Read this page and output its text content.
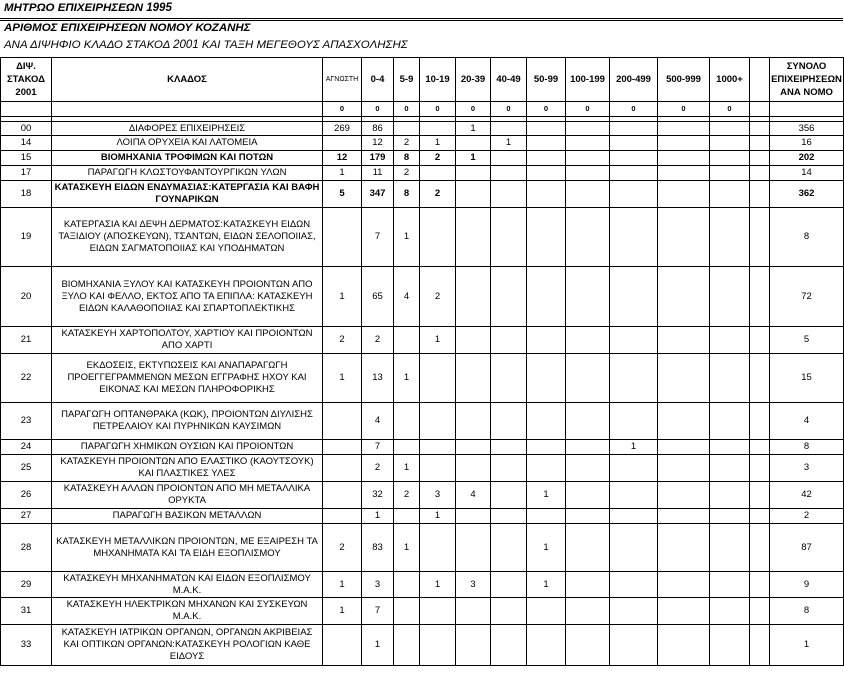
ΜΗΤΡΩΟ ΕΠΙΧΕΙΡΗΣΕΩΝ 1995
ΑΡΙΘΜΟΣ ΕΠΙΧΕΙΡΗΣΕΩΝ ΝΟΜΟΥ ΚΟΖΑΝΗΣ
ΑΝΑ ΔΙΨΗΦΙΟ ΚΛΑΔΟ ΣΤΑΚΟΔ 2001 ΚΑΙ ΤΑΞΗ ΜΕΓΕΘΟΥΣ ΑΠΑΣΧΟΛΗΣΗΣ
ΔΙΨ. ΣΤΑΚΟΔ 2001	ΚΛΑΔΟΣ	ΑΓΝΩΣΤΗ	0-4	5-9	10-19	20-39	40-49	50-99	100-199	200-499	500-999	1000+		ΣΥΝΟΛΟ ΕΠΙΧΕΙΡΗΣΕΩΝ ΑΝΑ ΝΟΜΟ
		0	0	0	0	0	0	0	0	0	0	0		

00	ΔΙΑΦΟΡΕΣ ΕΠΙΧΕΙΡΗΣΕΙΣ	269	86			1								356
14	ΛΟΙΠΑ ΟΡΥΧΕΙΑ ΚΑΙ ΛΑΤΟΜΕΙΑ		12	2	1		1							16
15	ΒΙΟΜΗΧΑΝΙΑ ΤΡΟΦΙΜΩΝ ΚΑΙ ΠΟΤΩΝ	12	179	8	2	1								202
17	ΠΑΡΑΓΩΓΗ ΚΛΩΣΤΟΥΦΑΝΤΟΥΡΓΙΚΩΝ ΥΛΩΝ	1	11	2										14
18	ΚΑΤΑΣΚΕΥΗ ΕΙΔΩΝ ΕΝΔΥΜΑΣΙΑΣ:ΚΑΤΕΡΓΑΣΙΑ ΚΑΙ ΒΑΦΗ ΓΟΥΝΑΡΙΚΩΝ	5	347	8	2									362
19	ΚΑΤΕΡΓΑΣΙΑ ΚΑΙ ΔΕΨΗ ΔΕΡΜΑΤΟΣ:ΚΑΤΑΣΚΕΥΗ ΕΙΔΩΝ ΤΑΞΙΔΙΟΥ (ΑΠΟΣΚΕΥΩΝ), ΤΣΑΝΤΩΝ, ΕΙΔΩΝ ΣΕΛΟΠΟΙΙΑΣ, ΕΙΔΩΝ ΣΑΓΜΑΤΟΠΟΙΙΑΣ ΚΑΙ ΥΠΟΔΗΜΑΤΩΝ		7	1										8
20	ΒΙΟΜΗΧΑΝΙΑ ΞΥΛΟΥ ΚΑΙ ΚΑΤΑΣΚΕΥΗ ΠΡΟΙΟΝΤΩΝ ΑΠΟ ΞΥΛΟ ΚΑΙ ΦΕΛΛΟ, ΕΚΤΟΣ ΑΠΟ ΤΑ ΕΠΙΠΛΑ: ΚΑΤΑΣΚΕΥΗ ΕΙΔΩΝ ΚΑΛΑΘΟΠΟΙΙΑΣ ΚΑΙ ΣΠΑΡΤΟΠΛΕΚΤΙΚΗΣ	1	65	4	2									72
21	ΚΑΤΑΣΚΕΥΗ ΧΑΡΤΟΠΟΛΤΟΥ, ΧΑΡΤΙΟΥ ΚΑΙ ΠΡΟΙΟΝΤΩΝ ΑΠΟ ΧΑΡΤΙ	2	2		1									5
22	ΕΚΔΟΣΕΙΣ, ΕΚΤΥΠΩΣΕΙΣ ΚΑΙ ΑΝΑΠΑΡΑΓΩΓΗ ΠΡΟΕΓΓΕΓΡΑΜΜΕΝΩΝ ΜΕΣΩΝ ΕΓΓΡΑΦΗΣ ΗΧΟΥ ΚΑΙ ΕΙΚΟΝΑΣ ΚΑΙ ΜΕΣΩΝ ΠΛΗΡΟΦΟΡΙΚΗΣ	1	13	1										15
23	ΠΑΡΑΓΩΓΗ ΟΠΤΑΝΘΡΑΚΑ (ΚΩΚ), ΠΡΟΙΟΝΤΩΝ ΔΙΥΛΙΣΗΣ ΠΕΤΡΕΛΑΙΟΥ ΚΑΙ ΠΥΡΗΝΙΚΩΝ ΚΑΥΣΙΜΩΝ		4											4
24	ΠΑΡΑΓΩΓΗ ΧΗΜΙΚΩΝ ΟΥΣΙΩΝ ΚΑΙ ΠΡΟΙΟΝΤΩΝ		7							1				8
25	ΚΑΤΑΣΚΕΥΗ ΠΡΟΙΟΝΤΩΝ ΑΠΟ ΕΛΑΣΤΙΚΟ (ΚΑΟΥΤΣΟΥΚ) ΚΑΙ ΠΛΑΣΤΙΚΕΣ ΥΛΕΣ		2	1										3
26	ΚΑΤΑΣΚΕΥΗ ΑΛΛΩΝ ΠΡΟΙΟΝΤΩΝ ΑΠΟ ΜΗ ΜΕΤΑΛΛΙΚΑ ΟΡΥΚΤΑ		32	2	3	4		1						42
27	ΠΑΡΑΓΩΓΗ ΒΑΣΙΚΩΝ ΜΕΤΑΛΛΩΝ		1		1									2
28	ΚΑΤΑΣΚΕΥΗ ΜΕΤΑΛΛΙΚΩΝ ΠΡΟΙΟΝΤΩΝ, ΜΕ ΕΞΑΙΡΕΣΗ ΤΑ ΜΗΧΑΝΗΜΑΤΑ ΚΑΙ ΤΑ ΕΙΔΗ ΕΞΟΠΛΙΣΜΟΥ	2	83	1				1						87
29	ΚΑΤΑΣΚΕΥΗ ΜΗΧΑΝΗΜΑΤΩΝ ΚΑΙ ΕΙΔΩΝ ΕΞΟΠΛΙΣΜΟΥ Μ.Α.Κ.	1	3		1	3		1						9
31	ΚΑΤΑΣΚΕΥΗ ΗΛΕΚΤΡΙΚΩΝ ΜΗΧΑΝΩΝ ΚΑΙ ΣΥΣΚΕΥΩΝ Μ.Α.Κ.	1	7											8
33	ΚΑΤΑΣΚΕΥΗ ΙΑΤΡΙΚΩΝ ΟΡΓΑΝΩΝ, ΟΡΓΑΝΩΝ ΑΚΡΙΒΕΙΑΣ ΚΑΙ ΟΠΤΙΚΩΝ ΟΡΓΑΝΩΝ:ΚΑΤΑΣΚΕΥΗ ΡΟΛΟΓΙΩΝ ΚΑΘΕ ΕΙΔΟΥΣ		1											1
